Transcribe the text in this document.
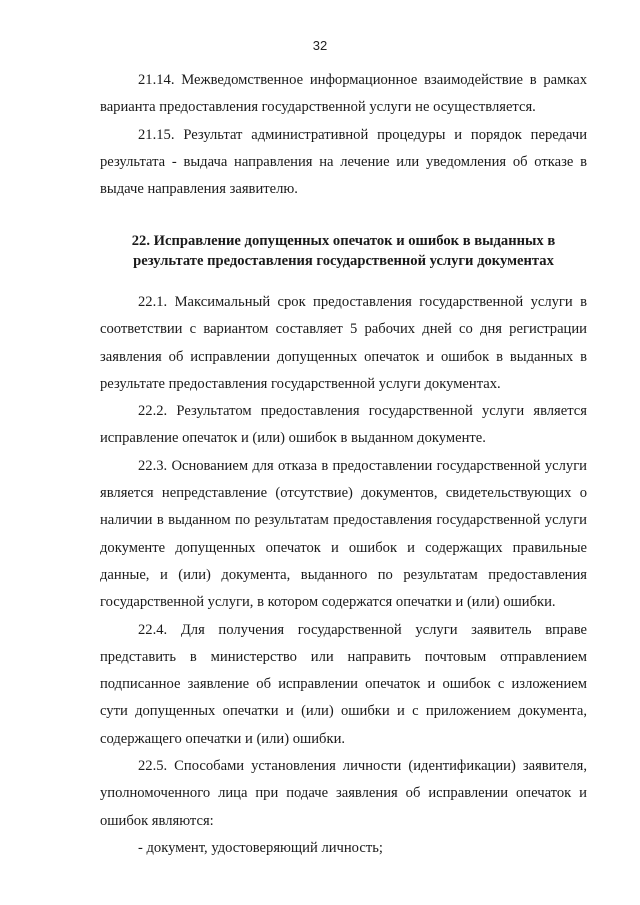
32

21.14. Межведомственное информационное взаимодействие в рамках варианта предоставления государственной услуги не осуществляется.

21.15. Результат административной процедуры и порядок передачи результата - выдача направления на лечение или уведомления об отказе в выдаче направления заявителю.

22. Исправление допущенных опечаток и ошибок в выданных в
результате предоставления государственной услуги документах

22.1. Максимальный срок предоставления государственной услуги в соответствии с вариантом составляет 5 рабочих дней со дня регистрации заявления об исправлении допущенных опечаток и ошибок в выданных в результате предоставления государственной услуги документах.

22.2. Результатом предоставления государственной услуги является исправление опечаток и (или) ошибок в выданном документе.

22.3. Основанием для отказа в предоставлении государственной услуги является непредставление (отсутствие) документов, свидетельствующих о наличии в выданном по результатам предоставления государственной услуги документе допущенных опечаток и ошибок и содержащих правильные данные, и (или) документа, выданного по результатам предоставления государственной услуги, в котором содержатся опечатки и (или) ошибки.

22.4. Для получения государственной услуги заявитель вправе представить в министерство или направить почтовым отправлением подписанное заявление об исправлении опечаток и ошибок с изложением сути допущенных опечатки и (или) ошибки и с приложением документа, содержащего опечатки и (или) ошибки.

22.5. Способами установления личности (идентификации) заявителя, уполномоченного лица при подаче заявления об исправлении опечаток и ошибок являются:

- документ, удостоверяющий личность;
